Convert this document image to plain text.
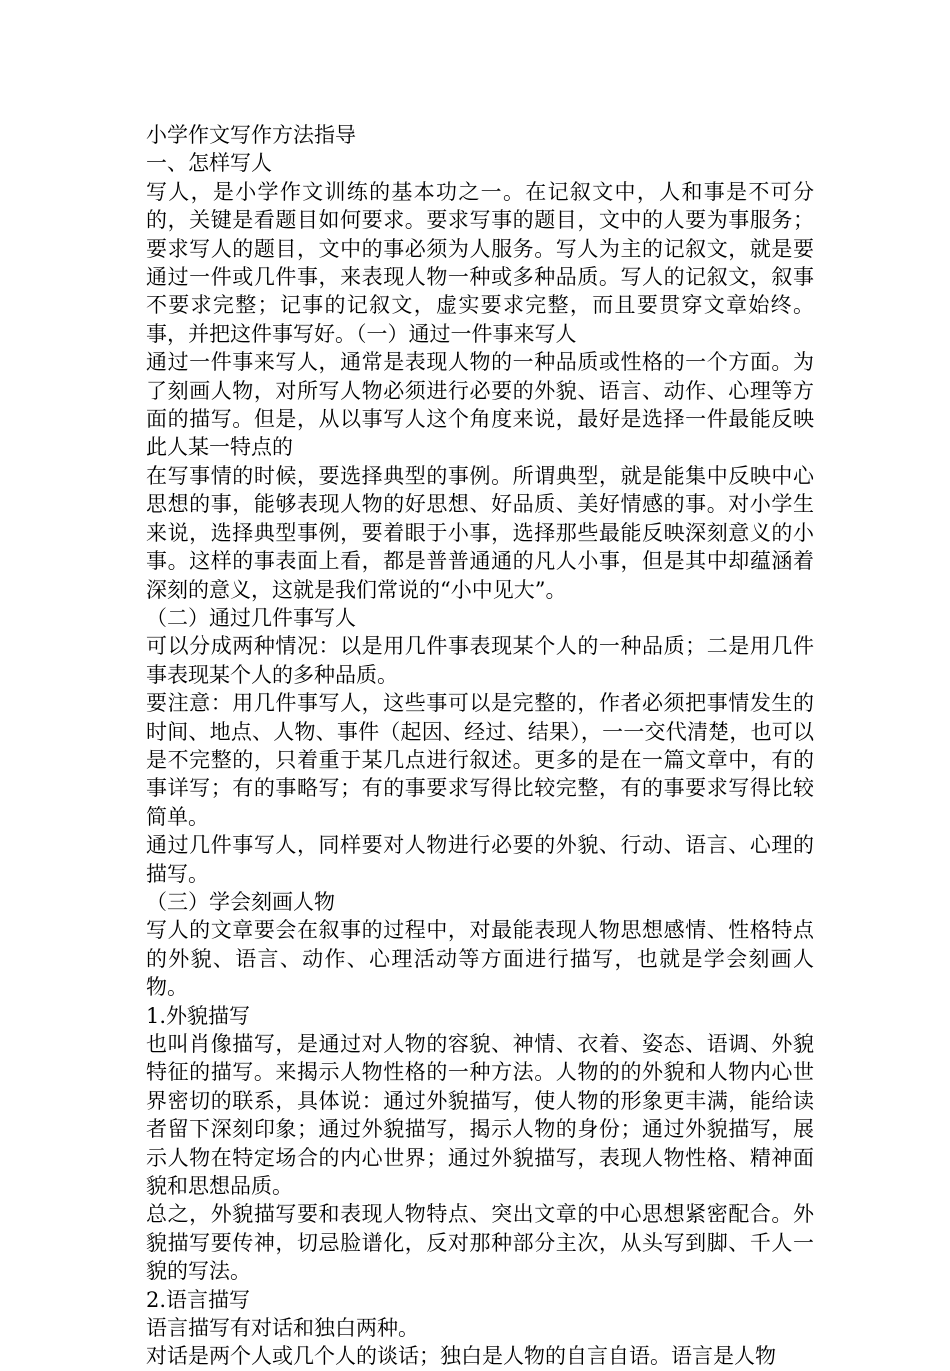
小学作文写作方法指导

一、怎样写人

写人，是小学作文训练的基本功之一。在记叙文中，人和事是不可分的，关键是看题目如何要求。要求写事的题目，文中的人要为事服务；要求写人的题目，文中的事必须为人服务。写人为主的记叙文，就是要通过一件或几件事，来表现人物一种或多种品质。写人的记叙文，叙事不要求完整；记事的记叙文，虚实要求完整，而且要贯穿文章始终。事，并把这件事写好。（一）通过一件事来写人

通过一件事来写人，通常是表现人物的一种品质或性格的一个方面。为了刻画人物，对所写人物必须进行必要的外貌、语言、动作、心理等方面的描写。但是，从以事写人这个角度来说，最好是选择一件最能反映此人某一特点的

在写事情的时候，要选择典型的事例。所谓典型，就是能集中反映中心思想的事，能够表现人物的好思想、好品质、美好情感的事。对小学生来说，选择典型事例，要着眼于小事，选择那些最能反映深刻意义的小事。这样的事表面上看，都是普普通通的凡人小事，但是其中却蕴涵着深刻的意义，这就是我们常说的“小中见大”。

（二）通过几件事写人

可以分成两种情况：以是用几件事表现某个人的一种品质；二是用几件事表现某个人的多种品质。

要注意：用几件事写人，这些事可以是完整的，作者必须把事情发生的时间、地点、人物、事件（起因、经过、结果），一一交代清楚，也可以是不完整的，只着重于某几点进行叙述。更多的是在一篇文章中，有的事详写；有的事略写；有的事要求写得比较完整，有的事要求写得比较简单。

通过几件事写人，同样要对人物进行必要的外貌、行动、语言、心理的描写。

（三）学会刻画人物

写人的文章要会在叙事的过程中，对最能表现人物思想感情、性格特点的外貌、语言、动作、心理活动等方面进行描写，也就是学会刻画人物。

1.外貌描写

也叫肖像描写，是通过对人物的容貌、神情、衣着、姿态、语调、外貌特征的描写。来揭示人物性格的一种方法。人物的的外貌和人物内心世界密切的联系，具体说：通过外貌描写，使人物的形象更丰满，能给读者留下深刻印象；通过外貌描写，揭示人物的身份；通过外貌描写，展示人物在特定场合的内心世界；通过外貌描写，表现人物性格、精神面貌和思想品质。

总之，外貌描写要和表现人物特点、突出文章的中心思想紧密配合。外貌描写要传神，切忌脸谱化，反对那种部分主次，从头写到脚、千人一貌的写法。

2.语言描写

语言描写有对话和独白两种。

对话是两个人或几个人的谈话；独白是人物的自言自语。语言是人物
